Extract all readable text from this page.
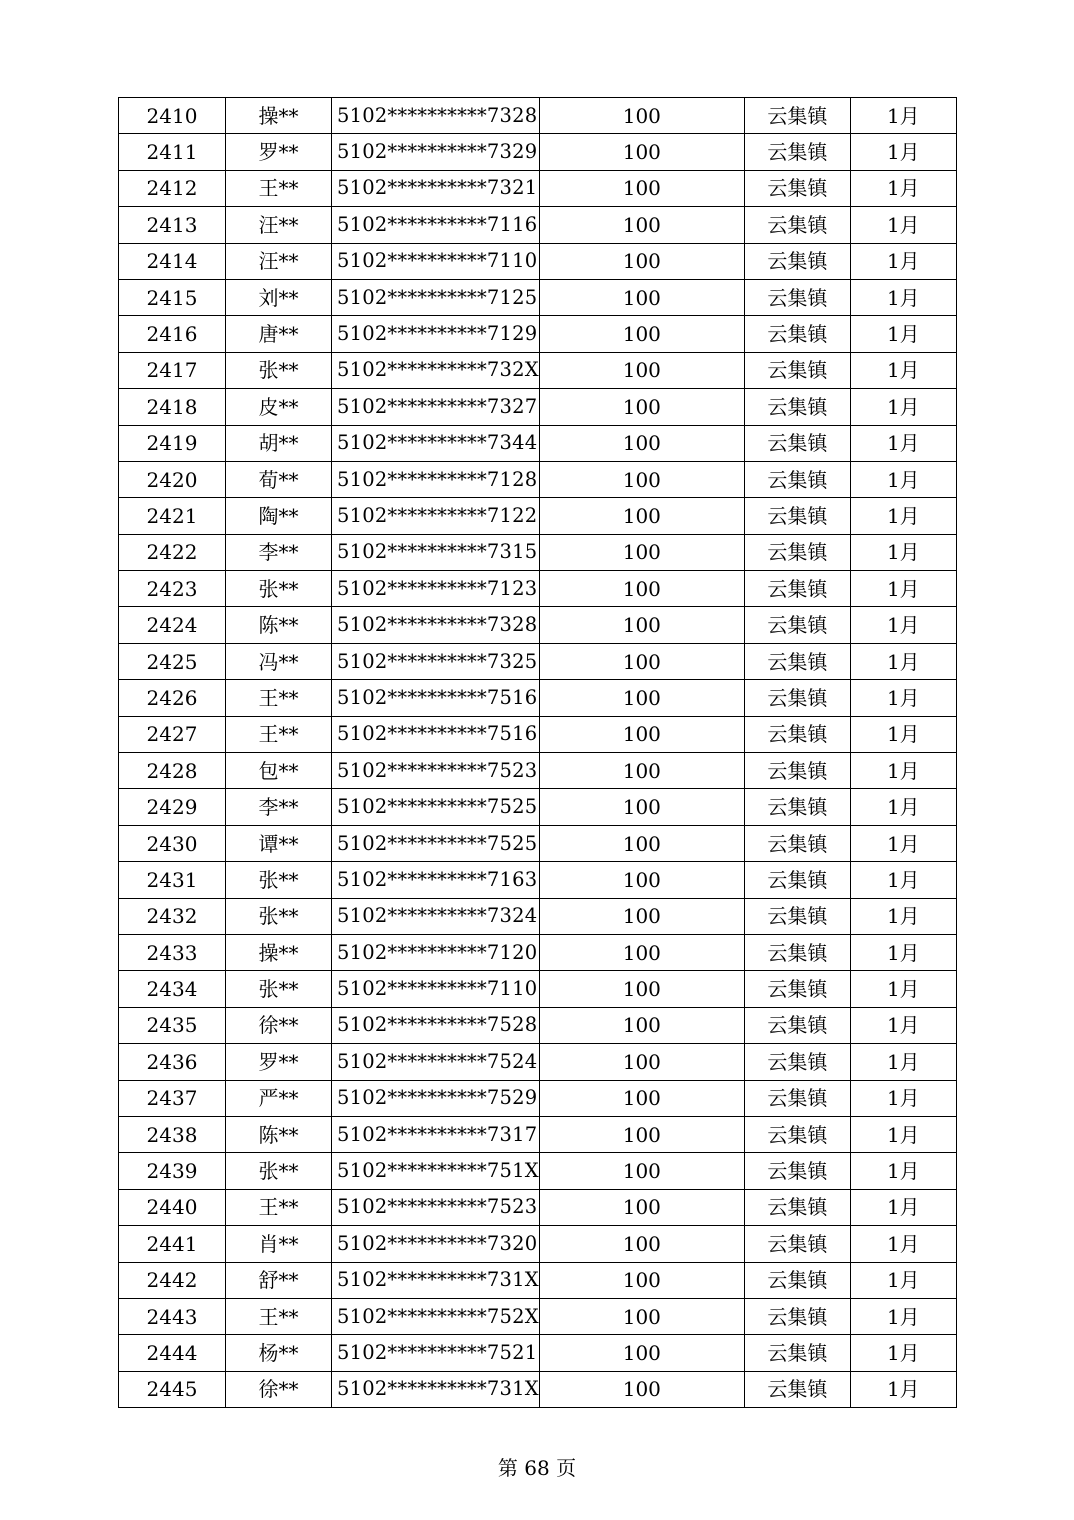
2410	操**	5102**********7328	100	云集镇	1月
2411	罗**	5102**********7329	100	云集镇	1月
2412	王**	5102**********7321	100	云集镇	1月
2413	汪**	5102**********7116	100	云集镇	1月
2414	汪**	5102**********7110	100	云集镇	1月
2415	刘**	5102**********7125	100	云集镇	1月
2416	唐**	5102**********7129	100	云集镇	1月
2417	张**	5102**********732X	100	云集镇	1月
2418	皮**	5102**********7327	100	云集镇	1月
2419	胡**	5102**********7344	100	云集镇	1月
2420	荀**	5102**********7128	100	云集镇	1月
2421	陶**	5102**********7122	100	云集镇	1月
2422	李**	5102**********7315	100	云集镇	1月
2423	张**	5102**********7123	100	云集镇	1月
2424	陈**	5102**********7328	100	云集镇	1月
2425	冯**	5102**********7325	100	云集镇	1月
2426	王**	5102**********7516	100	云集镇	1月
2427	王**	5102**********7516	100	云集镇	1月
2428	包**	5102**********7523	100	云集镇	1月
2429	李**	5102**********7525	100	云集镇	1月
2430	谭**	5102**********7525	100	云集镇	1月
2431	张**	5102**********7163	100	云集镇	1月
2432	张**	5102**********7324	100	云集镇	1月
2433	操**	5102**********7120	100	云集镇	1月
2434	张**	5102**********7110	100	云集镇	1月
2435	徐**	5102**********7528	100	云集镇	1月
2436	罗**	5102**********7524	100	云集镇	1月
2437	严**	5102**********7529	100	云集镇	1月
2438	陈**	5102**********7317	100	云集镇	1月
2439	张**	5102**********751X	100	云集镇	1月
2440	王**	5102**********7523	100	云集镇	1月
2441	肖**	5102**********7320	100	云集镇	1月
2442	舒**	5102**********731X	100	云集镇	1月
2443	王**	5102**********752X	100	云集镇	1月
2444	杨**	5102**********7521	100	云集镇	1月
2445	徐**	5102**********731X	100	云集镇	1月
第 68 页
